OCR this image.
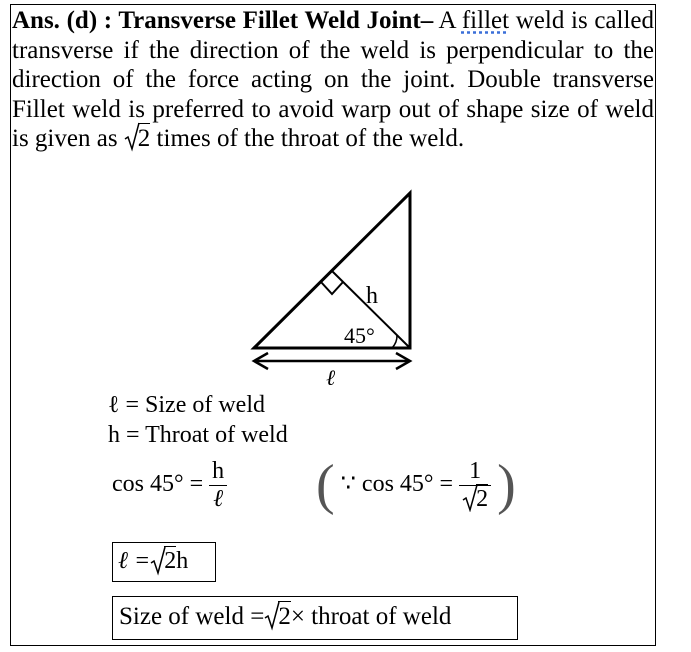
Ans. (d) : Transverse Fillet Weld Joint– A fillet weld is called transverse if the direction of the weld is perpendicular to the direction of the force acting on the joint. Double transverse Fillet weld is preferred to avoid warp out of shape size of weld is given as
2 times of the throat of the weld.
h
45°
ℓ
ℓ = Size of weld
h = Throat of weld
$\cos 45^\circ = \frac{h}{\text{ℓ}}$ ( ∵ $\cos 45^\circ = \frac{1}{2}$ )
ℓ = 2h
Size of weld = 2× throat of weld
